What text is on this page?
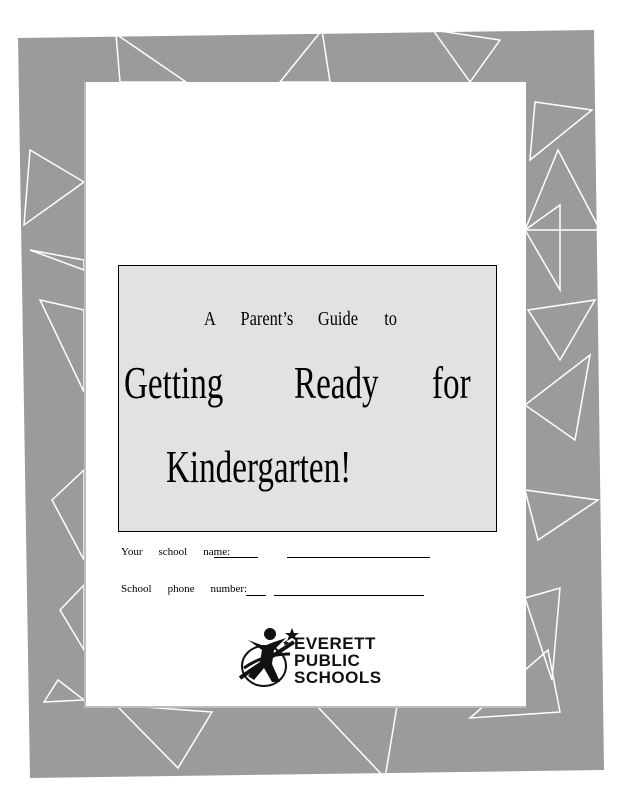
A Parent’s Guide to
Getting Ready for
Kindergarten!
Your school name:
School phone number:
EVERETT
PUBLIC
SCHOOLS
